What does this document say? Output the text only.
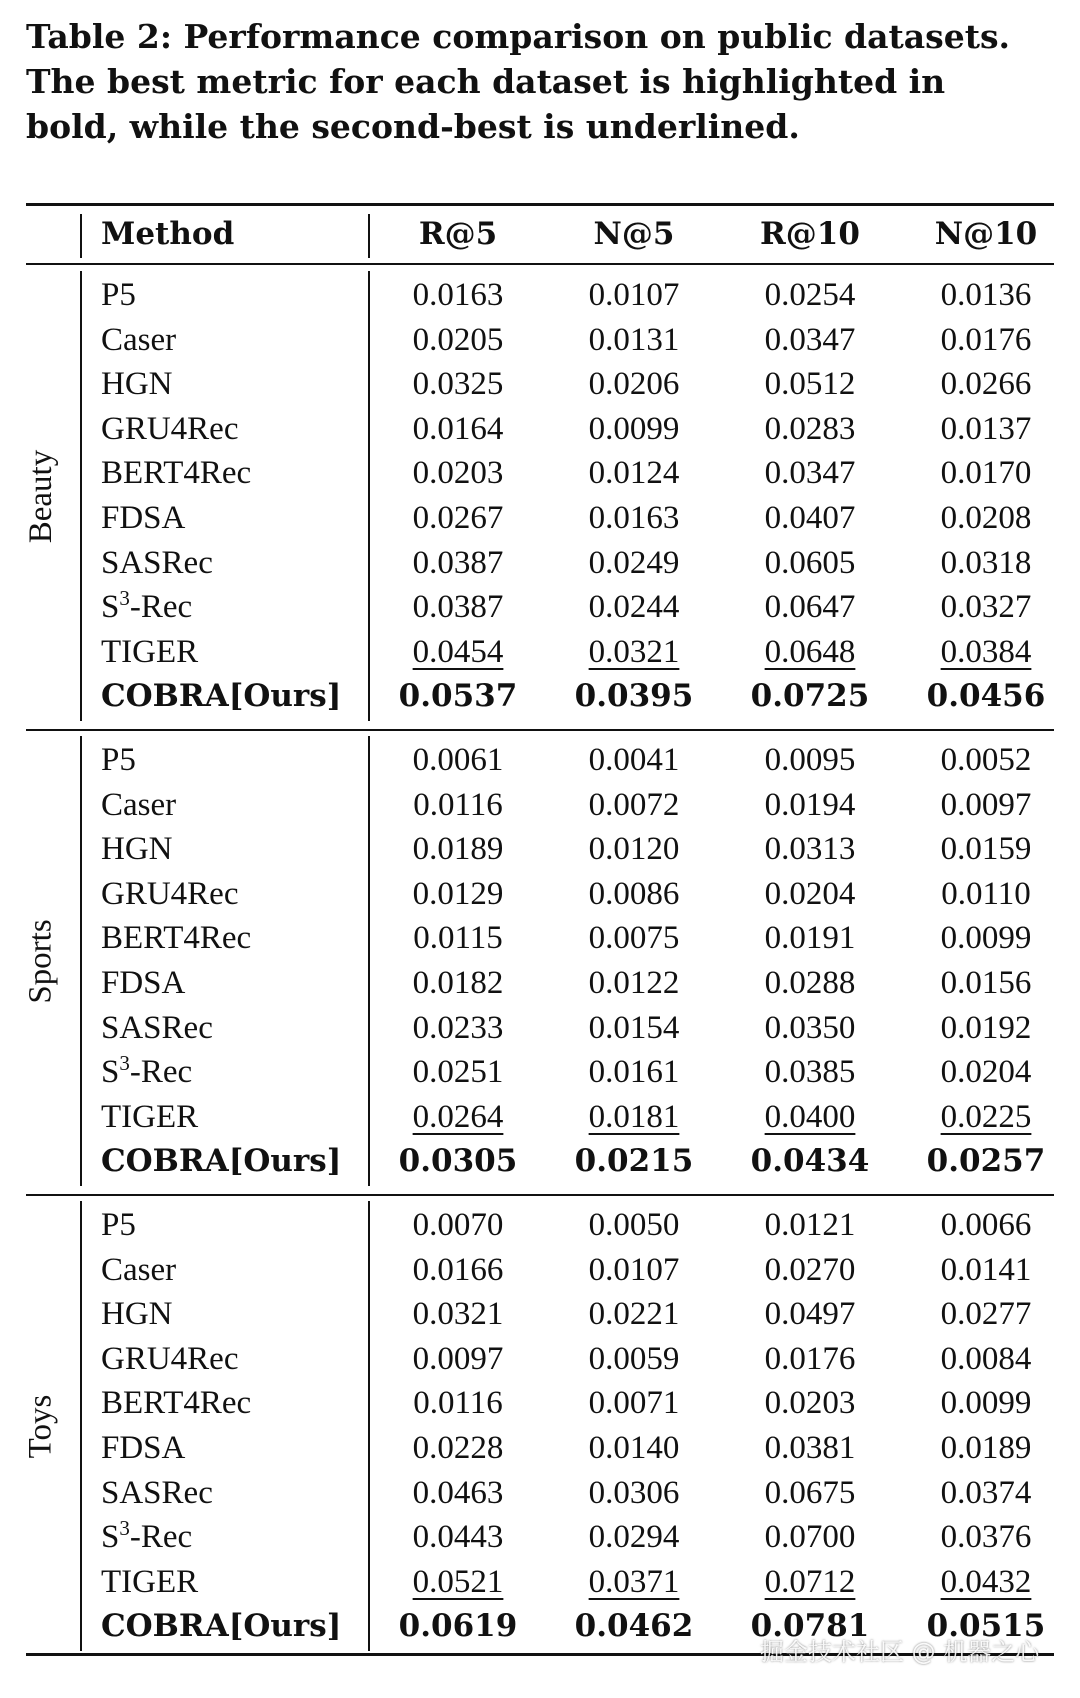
Table 2: Performance comparison on public datasets. The best metric for each dataset is highlighted in bold, while the second-best is underlined.
Method	R@5	N@5	R@10	N@10
Beauty
P5	0.0163	0.0107	0.0254	0.0136
Caser	0.0205	0.0131	0.0347	0.0176
HGN	0.0325	0.0206	0.0512	0.0266
GRU4Rec	0.0164	0.0099	0.0283	0.0137
BERT4Rec	0.0203	0.0124	0.0347	0.0170
FDSA	0.0267	0.0163	0.0407	0.0208
SASRec	0.0387	0.0249	0.0605	0.0318
$S^3$-Rec	0.0387	0.0244	0.0647	0.0327
TIGER	0.0454	0.0321	0.0648	0.0384
COBRA[Ours]	0.0537	0.0395	0.0725	0.0456
Sports
P5	0.0061	0.0041	0.0095	0.0052
Caser	0.0116	0.0072	0.0194	0.0097
HGN	0.0189	0.0120	0.0313	0.0159
GRU4Rec	0.0129	0.0086	0.0204	0.0110
BERT4Rec	0.0115	0.0075	0.0191	0.0099
FDSA	0.0182	0.0122	0.0288	0.0156
SASRec	0.0233	0.0154	0.0350	0.0192
$S^3$-Rec	0.0251	0.0161	0.0385	0.0204
TIGER	0.0264	0.0181	0.0400	0.0225
COBRA[Ours]	0.0305	0.0215	0.0434	0.0257
Toys
P5	0.0070	0.0050	0.0121	0.0066
Caser	0.0166	0.0107	0.0270	0.0141
HGN	0.0321	0.0221	0.0497	0.0277
GRU4Rec	0.0097	0.0059	0.0176	0.0084
BERT4Rec	0.0116	0.0071	0.0203	0.0099
FDSA	0.0228	0.0140	0.0381	0.0189
SASRec	0.0463	0.0306	0.0675	0.0374
$S^3$-Rec	0.0443	0.0294	0.0700	0.0376
TIGER	0.0521	0.0371	0.0712	0.0432
COBRA[Ours]	0.0619	0.0462	0.0781	0.0515
掘金技术社区 @ 机器之心
